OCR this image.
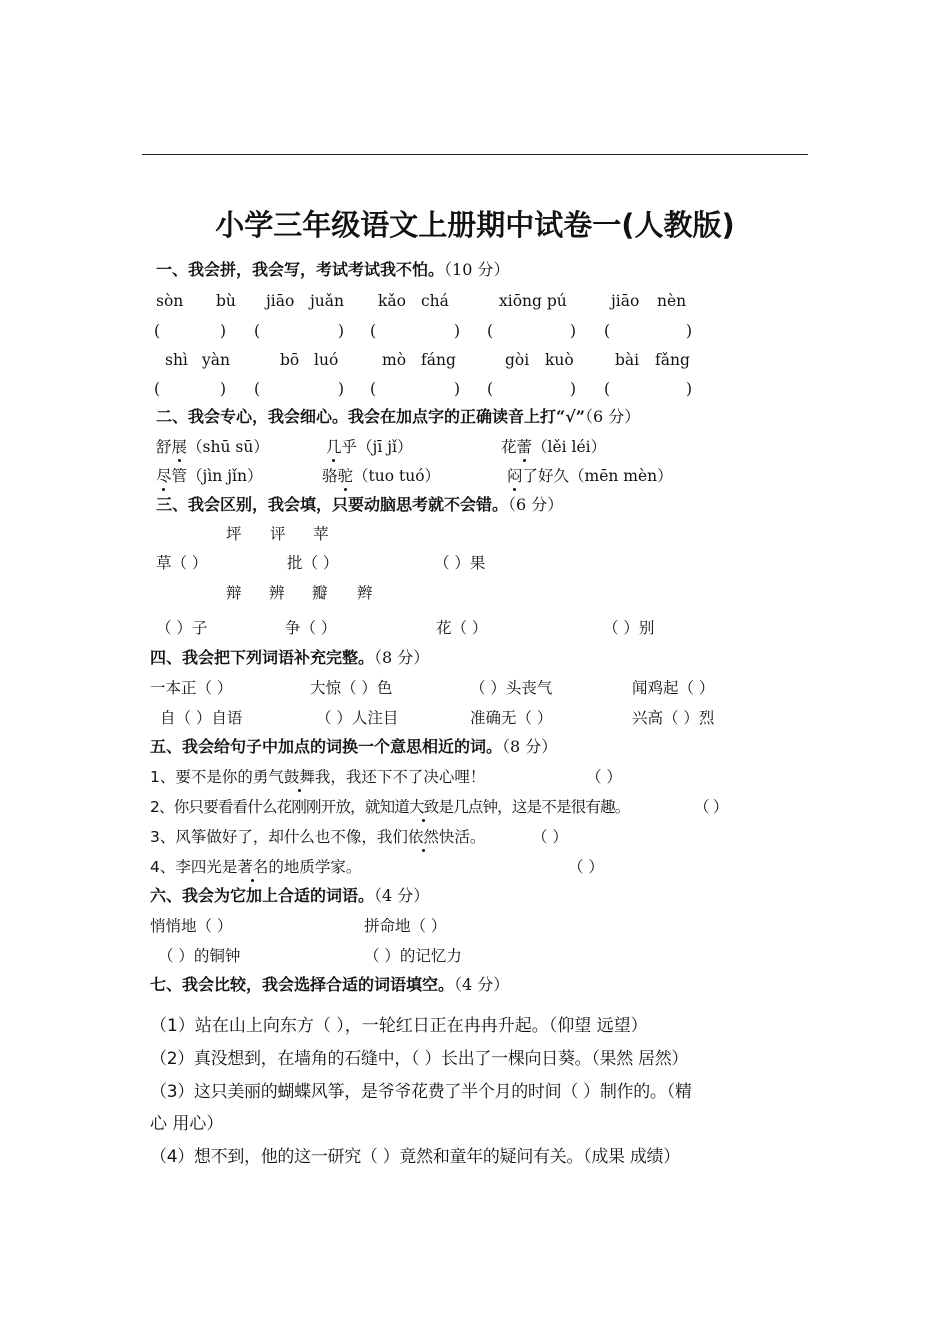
小学三年级语文上册期中试卷一(人教版)
一、我会拼，我会写，考试考试我不怕。（10 分）
sòn bù jiāo juǎn kǎo chá	xiōng pú	jiāo nèn
(	) (	) (	) (	) (	)
shì yàn	bō luó	mò fáng	gòi kuò	bài fǎng
(	) (	) (	) (	) (	)
二、我会专心，我会细心。我会在加点字的正确读音上打“√”（6 分）
舒展（shū sū）	几乎（jī jǐ）	花蕾（lěi léi）
尽管（jìn jǐn）	骆驼（tuo tuó）	闷了好久（mēn mèn）
三、我会区别，我会填，只要动脑思考就不会错。（6 分）
坪 评 苹
草（ ）	批（ ）	（ ）果
辩 辨 瓣 辫
（ ）子	争（ ）	花（ ）	（ ）别
四、我会把下列词语补充完整。（8 分）
一本正（ ）	大惊（ ）色	（ ）头丧气	闻鸡起（ ）
自（ ）自语	（ ）人注目	准确无（ ）	兴高（ ）烈
五、我会给句子中加点的词换一个意思相近的词。（8 分）
1、要不是你的勇气鼓舞我，我还下不了决心哩！	（ ）
2、你只要看看什么花刚刚开放，就知道大致是几点钟，这是不是很有趣。	（ ）
3、风筝做好了，却什么也不像，我们依然快活。	（ ）
4、李四光是著名的地质学家。	（ ）
六、我会为它加上合适的词语。（4 分）
悄悄地（ ）	拼命地（ ）
（ ）的铜钟	（ ）的记忆力
七、我会比较，我会选择合适的词语填空。（4 分）
（1）站在山上向东方（ ），一轮红日正在冉冉升起。（仰望 远望）
（2）真没想到，在墙角的石缝中，（ ）长出了一棵向日葵。（果然 居然）
（3）这只美丽的蝴蝶风筝，是爷爷花费了半个月的时间（ ）制作的。（精
心 用心）
（4）想不到，他的这一研究（ ）竟然和童年的疑问有关。（成果 成绩）
